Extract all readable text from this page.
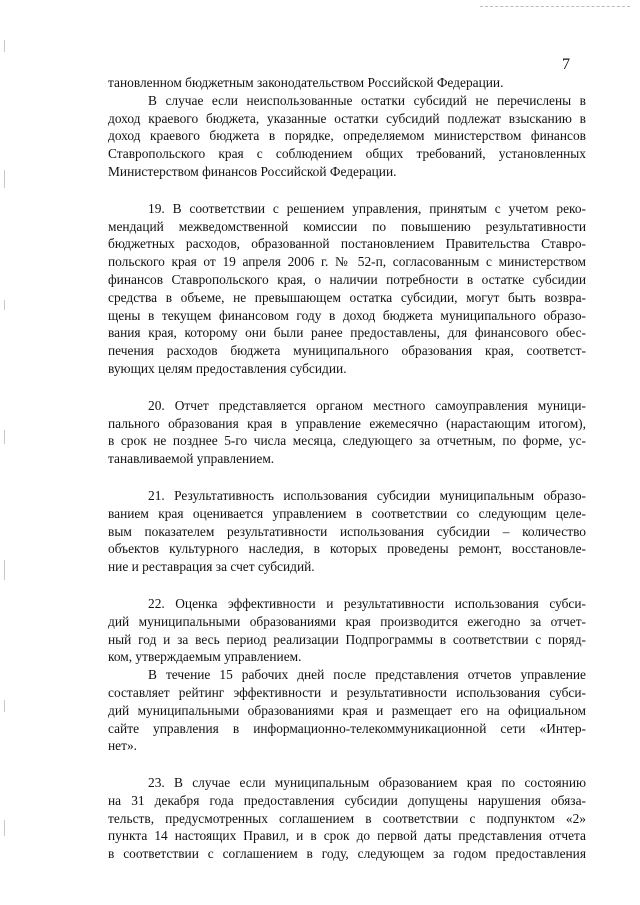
7
тановленном бюджетным законодательством Российской Федерации.
В случае если неиспользованные остатки субсидий не перечислены в
доход краевого бюджета, указанные остатки субсидий подлежат взысканию в
доход краевого бюджета в порядке, определяемом министерством финансов
Ставропольского края с соблюдением общих требований, установленных
Министерством финансов Российской Федерации.
19. В соответствии с решением управления, принятым с учетом реко-
мендаций межведомственной комиссии по повышению результативности
бюджетных расходов, образованной постановлением Правительства Ставро-
польского края от 19 апреля 2006 г. № 52-п, согласованным с министерством
финансов Ставропольского края, о наличии потребности в остатке субсидии
средства в объеме, не превышающем остатка субсидии, могут быть возвра-
щены в текущем финансовом году в доход бюджета муниципального образо-
вания края, которому они были ранее предоставлены, для финансового обес-
печения расходов бюджета муниципального образования края, соответст-
вующих целям предоставления субсидии.
20. Отчет представляется органом местного самоуправления муници-
пального образования края в управление ежемесячно (нарастающим итогом),
в срок не позднее 5-го числа месяца, следующего за отчетным, по форме, ус-
танавливаемой управлением.
21. Результативность использования субсидии муниципальным образо-
ванием края оценивается управлением в соответствии со следующим целе-
вым показателем результативности использования субсидии – количество
объектов культурного наследия, в которых проведены ремонт, восстановле-
ние и реставрация за счет субсидий.
22. Оценка эффективности и результативности использования субси-
дий муниципальными образованиями края производится ежегодно за отчет-
ный год и за весь период реализации Подпрограммы в соответствии с поряд-
ком, утверждаемым управлением.
В течение 15 рабочих дней после представления отчетов управление
составляет рейтинг эффективности и результативности использования субси-
дий муниципальными образованиями края и размещает его на официальном
сайте управления в информационно-телекоммуникационной сети «Интер-
нет».
23. В случае если муниципальным образованием края по состоянию
на 31 декабря года предоставления субсидии допущены нарушения обяза-
тельств, предусмотренных соглашением в соответствии с подпунктом «2»
пункта 14 настоящих Правил, и в срок до первой даты представления отчета
в соответствии с соглашением в году, следующем за годом предоставления
